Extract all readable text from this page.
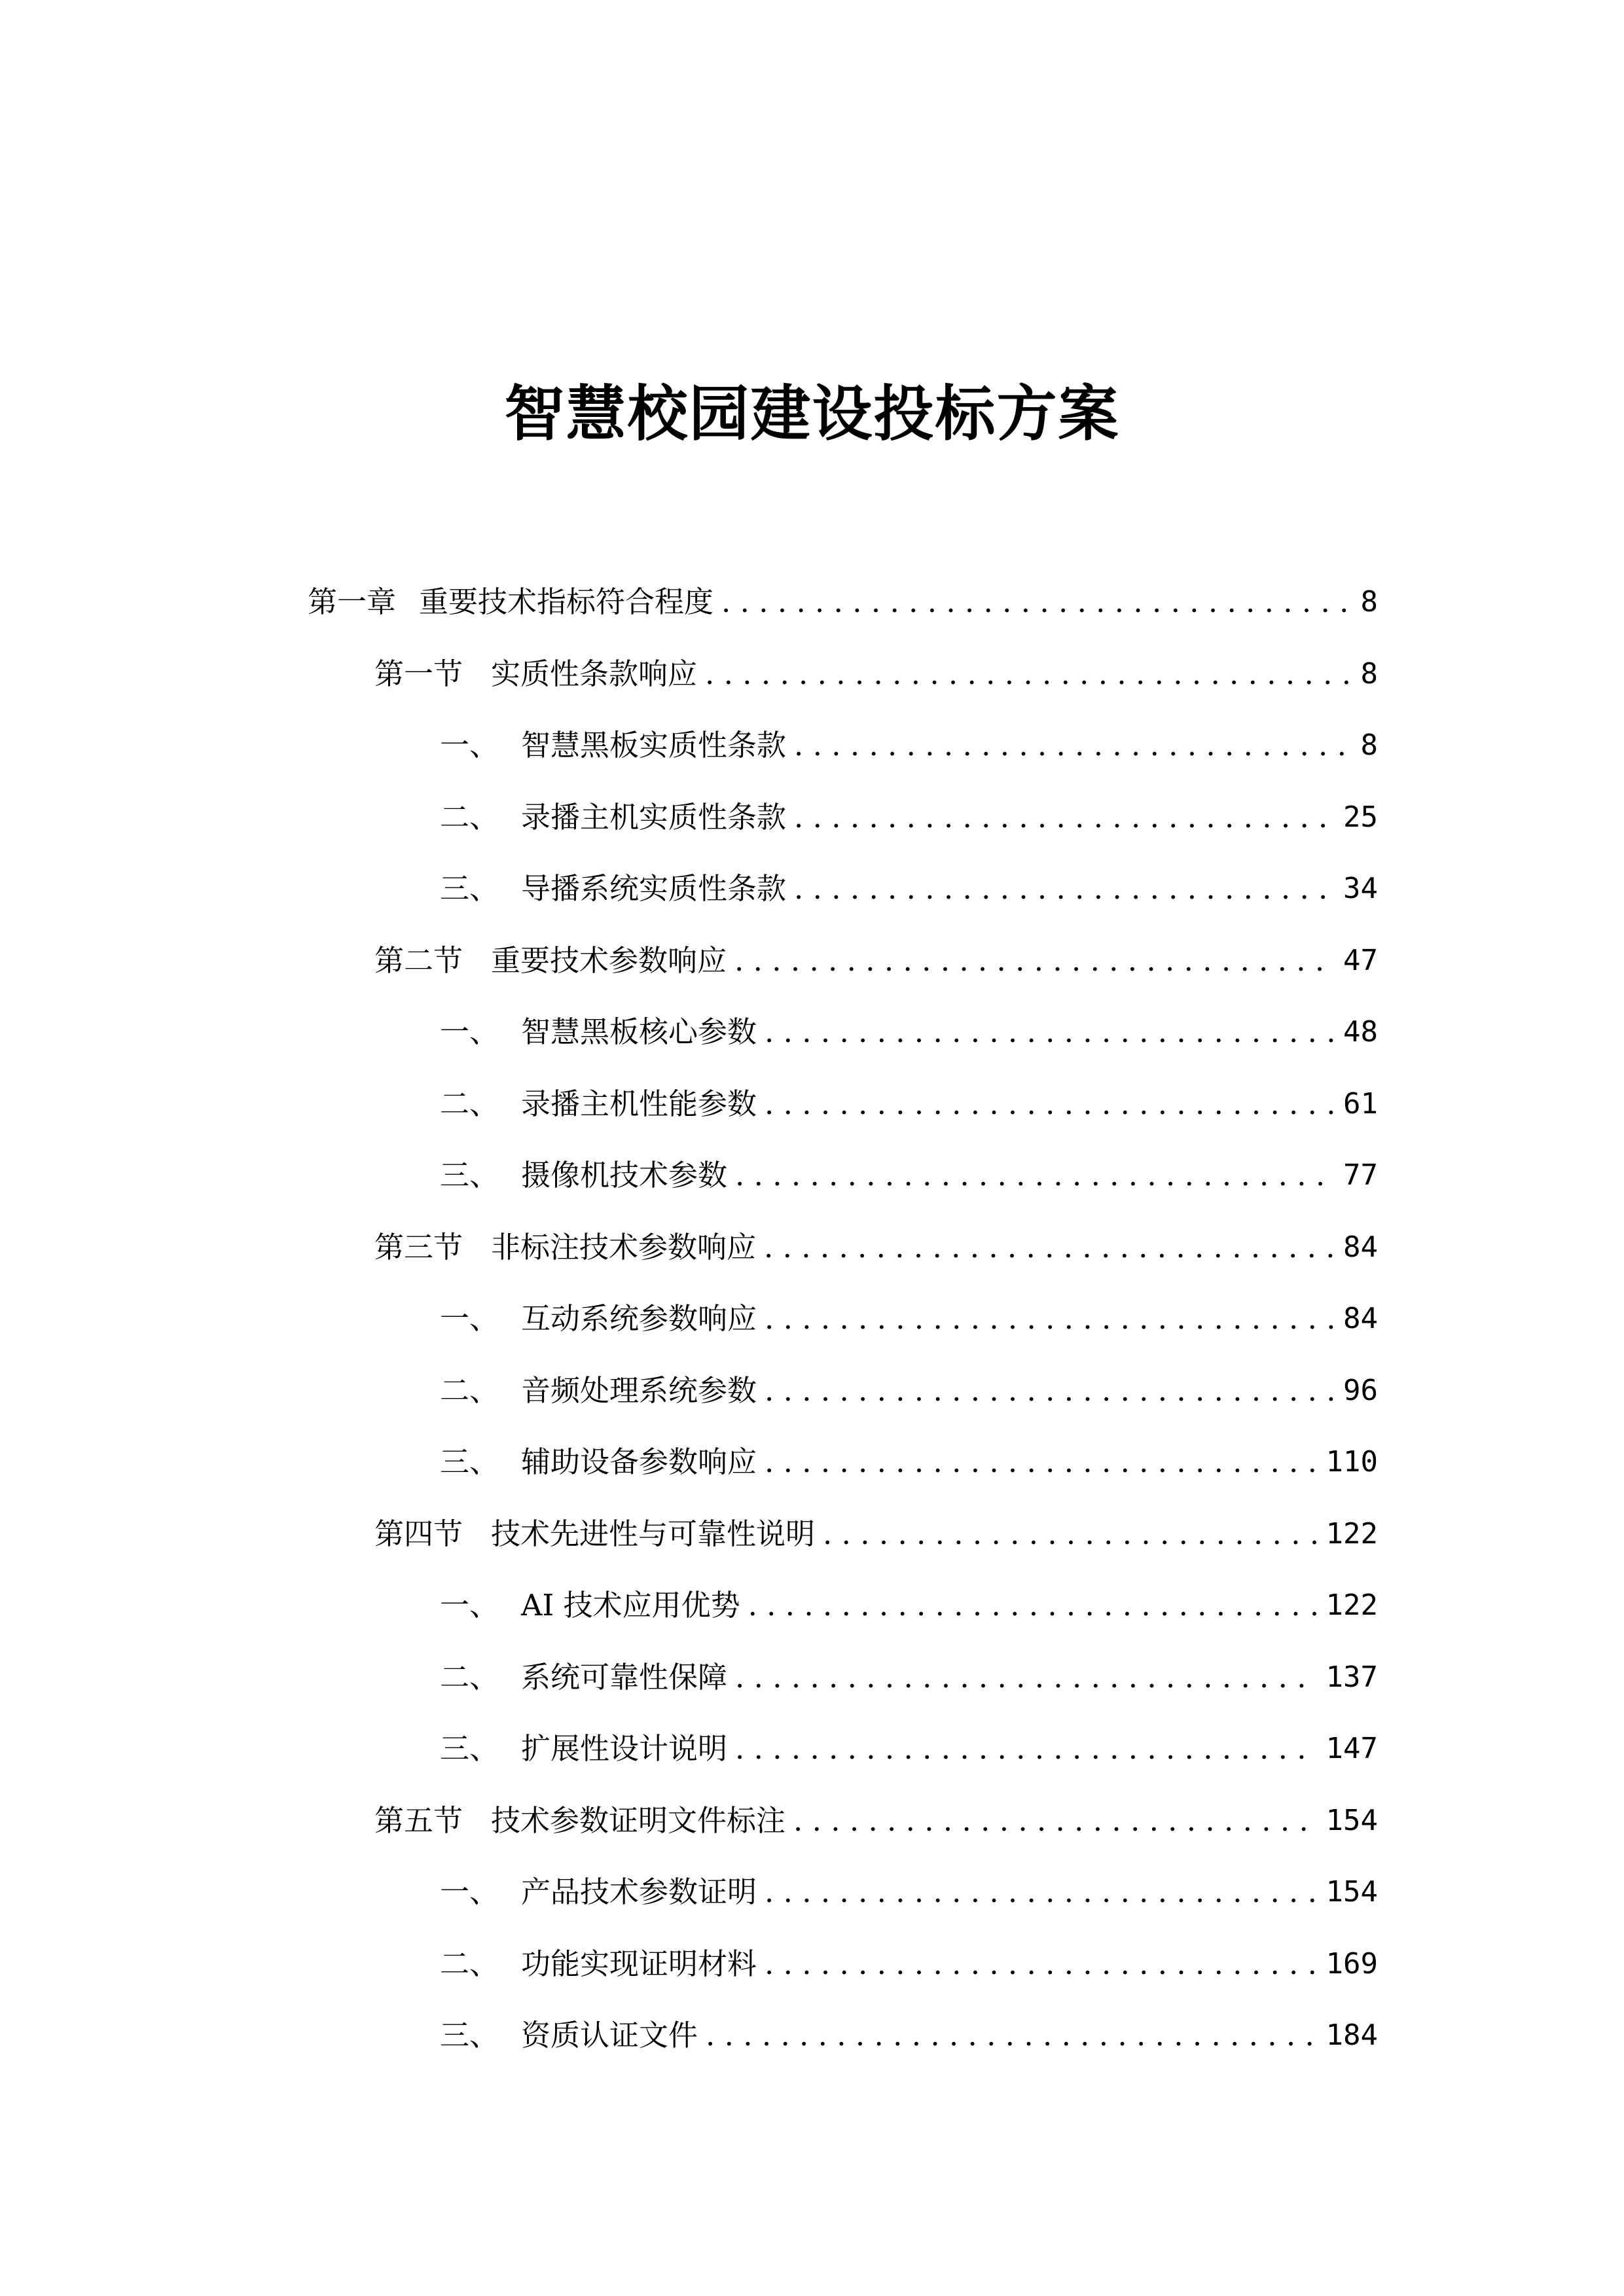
智慧校园建设投标方案
第一章 重要技术指标符合程度 . . .	8
第一节 实质性条款响应 . . .	8
一、 智慧黑板实质性条款 . . .	8
二、 录播主机实质性条款 . . .	25
三、 导播系统实质性条款 . . .	34
第二节 重要技术参数响应 . . .	47
一、 智慧黑板核心参数 . . .	48
二、 录播主机性能参数 . . .	61
三、 摄像机技术参数 . . .	77
第三节 非标注技术参数响应 . . .	84
一、 互动系统参数响应 . . .	84
二、 音频处理系统参数 . . .	96
三、 辅助设备参数响应 . . .	110
第四节 技术先进性与可靠性说明 . . .	122
一、 AI 技术应用优势 . . .	122
二、 系统可靠性保障 . . .	137
三、 扩展性设计说明 . . .	147
第五节 技术参数证明文件标注 . . .	154
一、 产品技术参数证明 . . .	154
二、 功能实现证明材料 . . .	169
三、 资质认证文件 . . .	184
